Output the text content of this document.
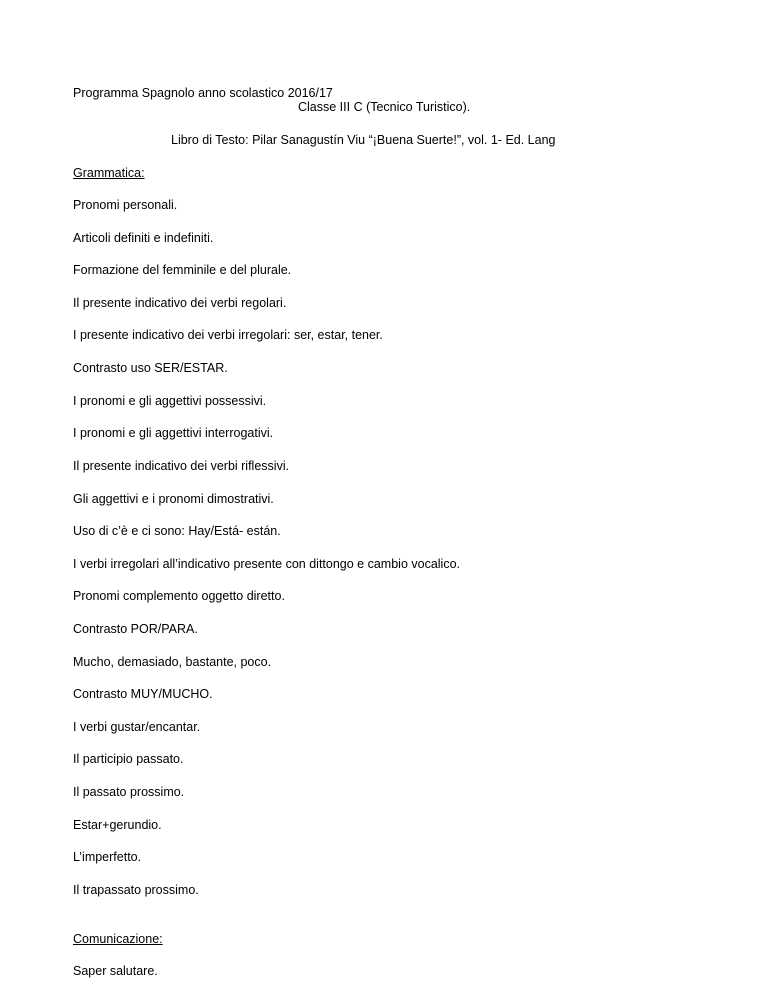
Programma Spagnolo anno scolastico 2016/17
Classe III C (Tecnico Turistico).
Libro di Testo: Pilar Sanagustín Viu “¡Buena Suerte!”, vol. 1- Ed. Lang
Grammatica:
Pronomi personali.
Articoli definiti e indefiniti.
Formazione del femminile e del plurale.
Il presente indicativo dei verbi regolari.
I presente indicativo dei verbi irregolari: ser, estar, tener.
Contrasto uso SER/ESTAR.
I pronomi e gli aggettivi possessivi.
I pronomi e gli aggettivi interrogativi.
Il presente indicativo dei verbi riflessivi.
Gli aggettivi e i pronomi dimostrativi.
Uso di c’è e ci sono: Hay/Está- están.
I verbi irregolari all’indicativo presente con dittongo e cambio vocalico.
Pronomi complemento oggetto diretto.
Contrasto POR/PARA.
Mucho, demasiado, bastante, poco.
Contrasto MUY/MUCHO.
I verbi gustar/encantar.
Il participio passato.
Il passato prossimo.
Estar+gerundio.
L’imperfetto.
Il trapassato prossimo.
Comunicazione:
Saper salutare.
